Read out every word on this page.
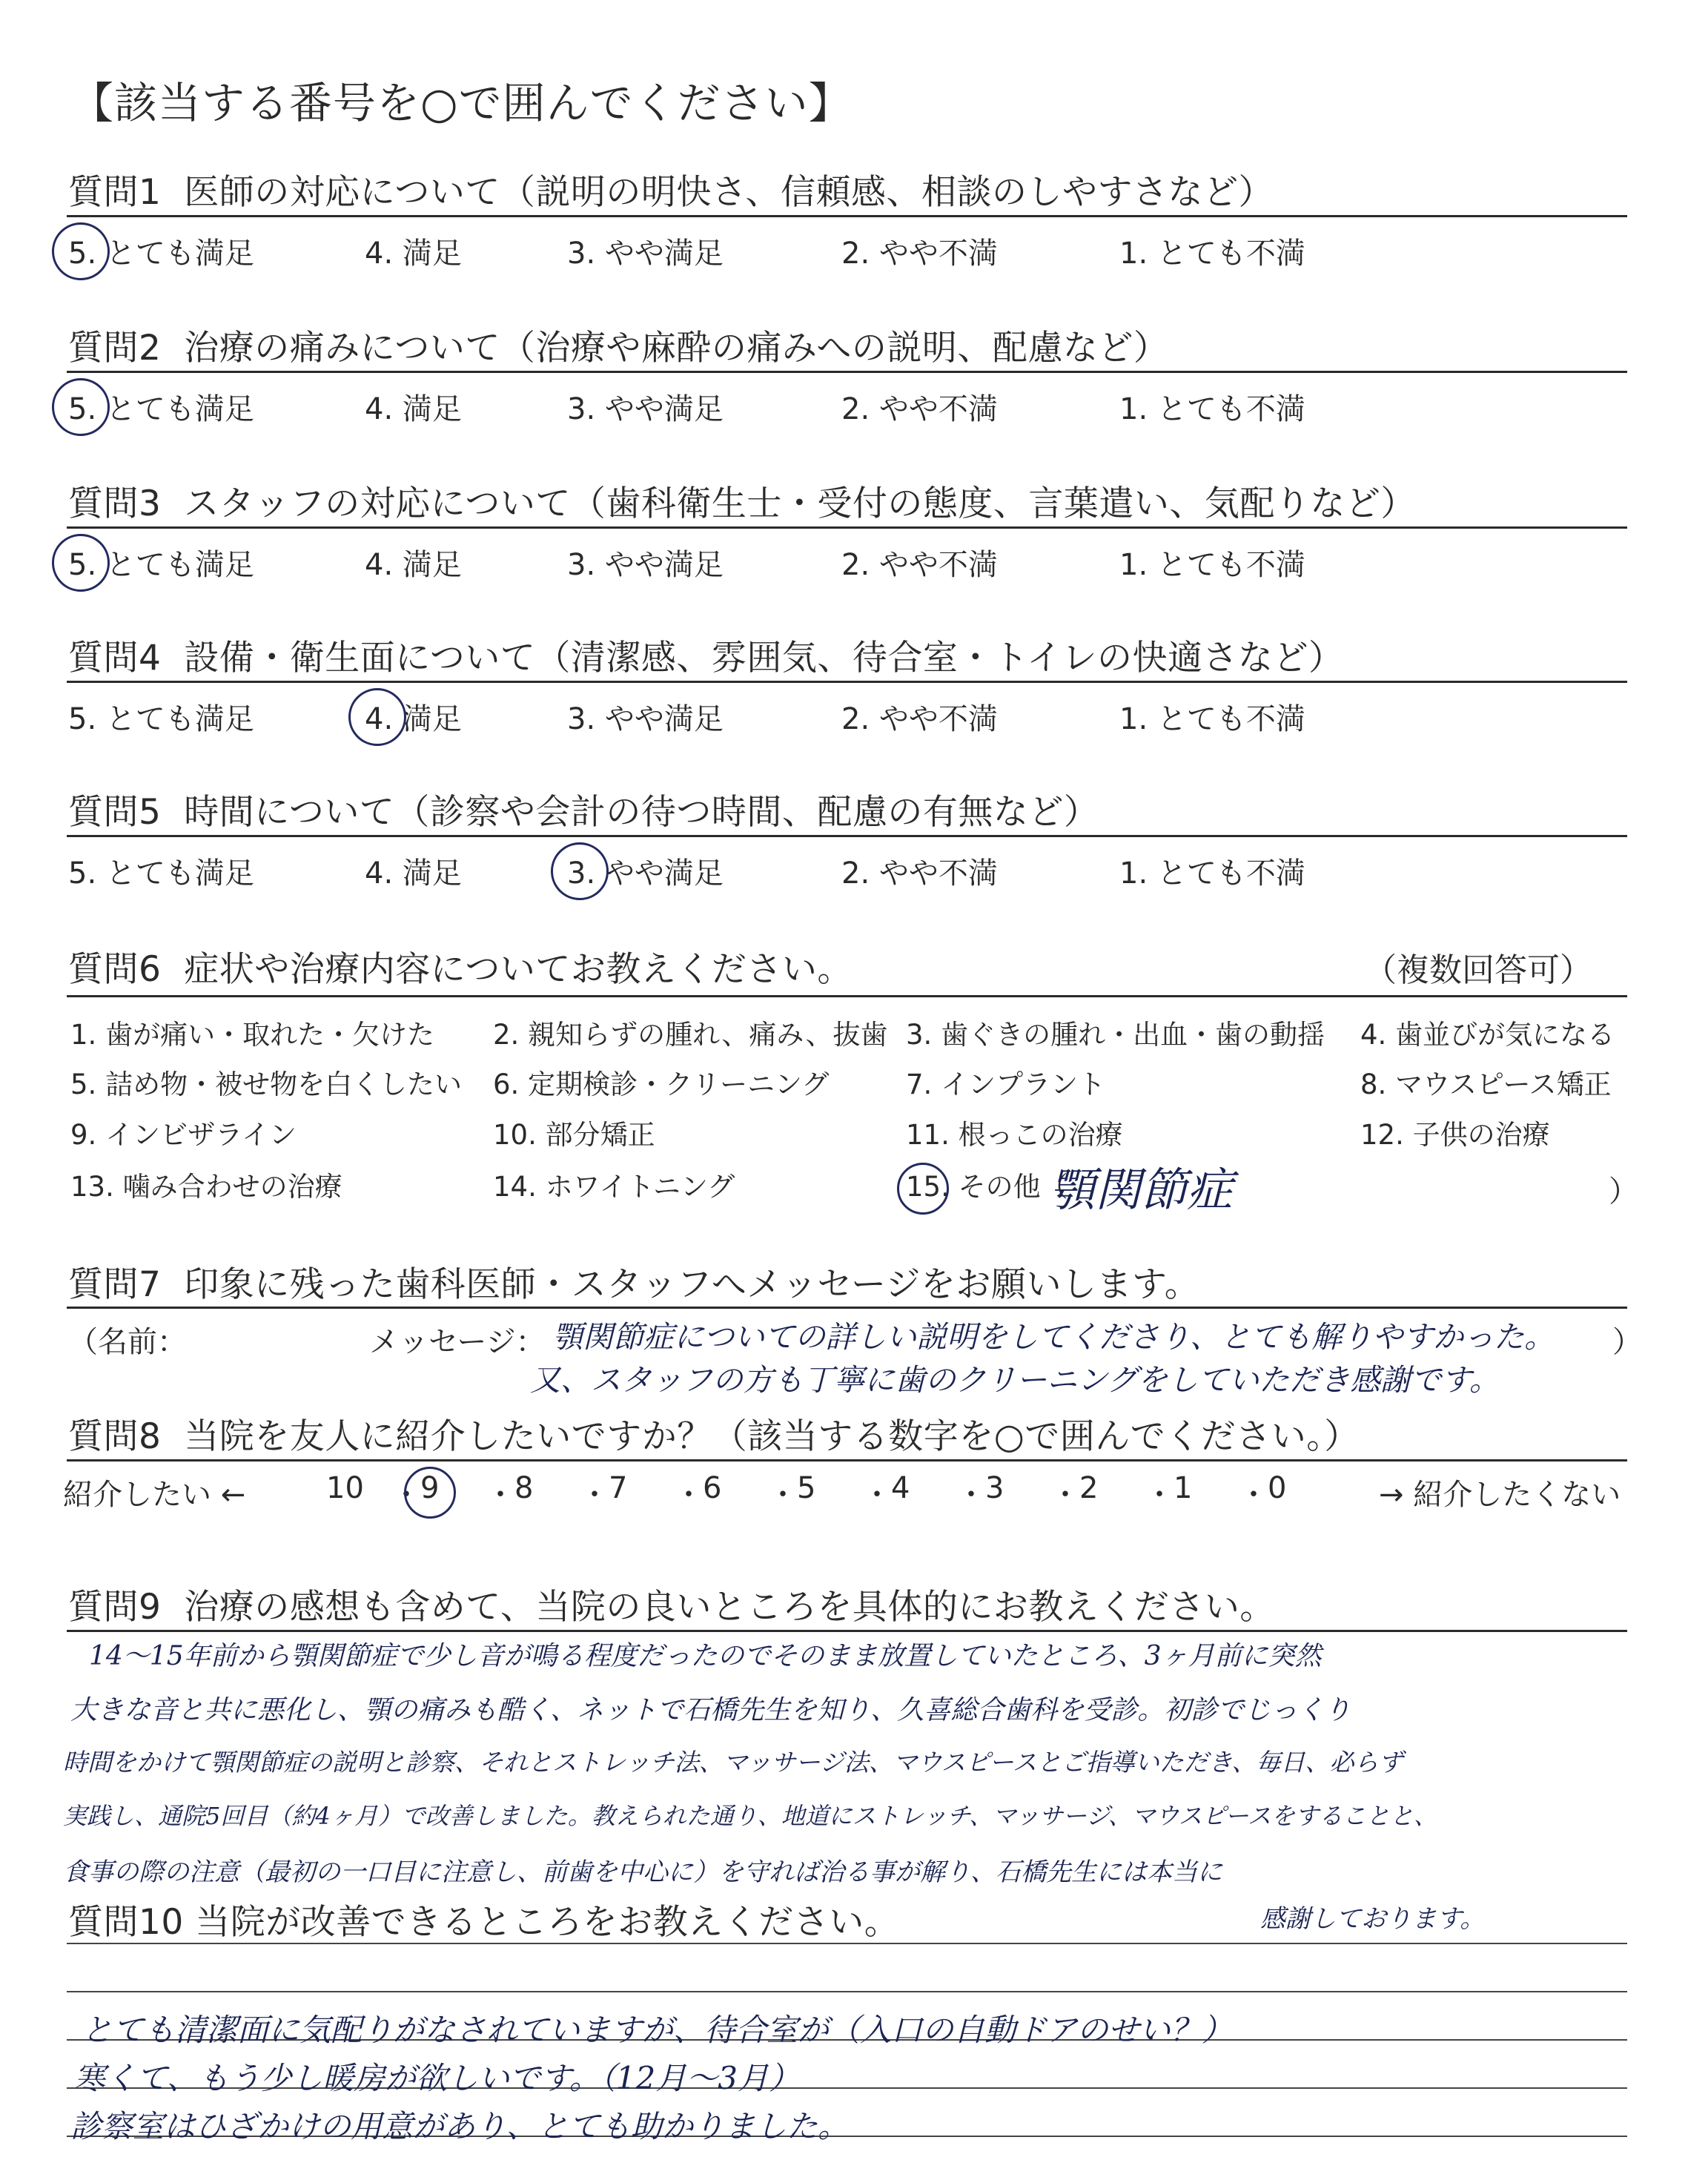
【該当する番号を○で囲んでください】
質問1 医師の対応について（説明の明快さ、信頼感、相談のしやすさなど）
5. とても満足	4. 満足	3. やや満足	2. やや不満	1. とても不満
質問2 治療の痛みについて（治療や麻酔の痛みへの説明、配慮など）
5. とても満足	4. 満足	3. やや満足	2. やや不満	1. とても不満
質問3 スタッフの対応について（歯科衛生士・受付の態度、言葉遣い、気配りなど）
5. とても満足	4. 満足	3. やや満足	2. やや不満	1. とても不満
質問4 設備・衛生面について（清潔感、雰囲気、待合室・トイレの快適さなど）
5. とても満足	4. 満足	3. やや満足	2. やや不満	1. とても不満
質問5 時間について（診察や会計の待つ時間、配慮の有無など）
5. とても満足	4. 満足	3. やや満足	2. やや不満	1. とても不満
質問6 症状や治療内容についてお教えください。	（複数回答可）
1. 歯が痛い・取れた・欠けた 2. 親知らずの腫れ、痛み、抜歯 3. 歯ぐきの腫れ・出血・歯の動揺 4. 歯並びが気になる
5. 詰め物・被せ物を白くしたい 6. 定期検診・クリーニング	7. インプラント	8. マウスピース矯正
9. インビザライン	10. 部分矯正	11. 根っこの治療	12. 子供の治療
13. 噛み合わせの治療	14. ホワイトニング	15. その他（
顎関節症	）
質問7 印象に残った歯科医師・スタッフへメッセージをお願いします。
（名前：	メッセージ：	）
顎関節症についての詳しい説明をしてくださり、とても解りやすかった。
又、スタッフの方も丁寧に歯のクリーニングをしていただき感謝です。
質問8 当院を友人に紹介したいですか？（該当する数字を○で囲んでください。）
紹介したい ←	→ 紹介したくない
10 ・ 9 ・ 8 ・ 7 ・ 6 ・ 5 ・ 4 ・ 3 ・ 2 ・ 1 ・ 0
質問9 治療の感想も含めて、当院の良いところを具体的にお教えください。
14〜15年前から顎関節症で少し音が鳴る程度だったのでそのまま放置していたところ、3ヶ月前に突然
大きな音と共に悪化し、顎の痛みも酷く、ネットで石橋先生を知り、久喜総合歯科を受診。初診でじっくり
時間をかけて顎関節症の説明と診察、それとストレッチ法、マッサージ法、マウスピースとご指導いただき、毎日、必らず
実践し、通院5回目（約4ヶ月）で改善しました。教えられた通り、地道にストレッチ、マッサージ、マウスピースをすることと、
食事の際の注意（最初の一口目に注意し、前歯を中心に）を守れば治る事が解り、石橋先生には本当に
感謝しております。
質問10 当院が改善できるところをお教えください。
とても清潔面に気配りがなされていますが、待合室が（入口の自動ドアのせい？）
寒くて、もう少し暖房が欲しいです。（12月〜3月）
診察室はひざかけの用意があり、とても助かりました。
